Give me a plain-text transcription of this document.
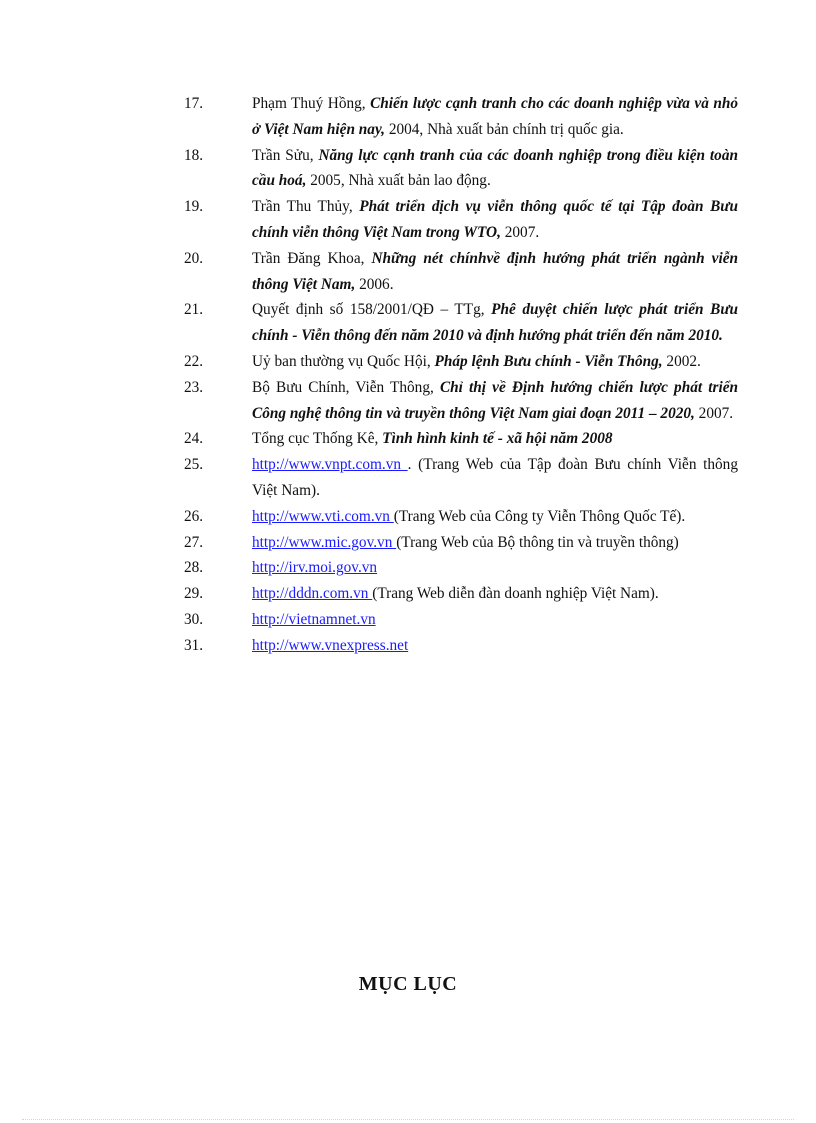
17.	Phạm Thuý Hồng, Chiến lược cạnh tranh cho các doanh nghiệp vừa và nhỏ ở Việt Nam hiện nay, 2004, Nhà xuất bản chính trị quốc gia.
18.	Trần Sửu, Năng lực cạnh tranh của các doanh nghiệp trong điều kiện toàn cầu hoá, 2005, Nhà xuất bản lao động.
19.	Trần Thu Thủy, Phát triển dịch vụ viễn thông quốc tế tại Tập đoàn Bưu chính viễn thông Việt Nam trong WTO, 2007.
20.	Trần Đăng Khoa, Những nét chínhvề định hướng phát triển ngành viễn thông Việt Nam, 2006.
21.	Quyết định số 158/2001/QĐ – TTg, Phê duyệt chiến lược phát triển Bưu chính - Viễn thông đến năm 2010 và định hướng phát triển đến năm 2010.
22.	Uỷ ban thường vụ Quốc Hội, Pháp lệnh Bưu chính - Viễn Thông, 2002.
23.	Bộ Bưu Chính, Viễn Thông, Chỉ thị về Định hướng chiến lược phát triển Công nghệ thông tin và truyền thông Việt Nam giai đoạn 2011 – 2020, 2007.
24.	Tổng cục Thống Kê, Tình hình kinh tế - xã hội năm 2008
25.	http://www.vnpt.com.vn . (Trang Web của Tập đoàn Bưu chính Viễn thông Việt Nam).
26.	http://www.vti.com.vn (Trang Web của Công ty Viễn Thông Quốc Tế).
27.	http://www.mic.gov.vn (Trang Web của Bộ thông tin và truyền thông)
28.	http://irv.moi.gov.vn
29.	http://dddn.com.vn (Trang Web diễn đàn doanh nghiệp Việt Nam).
30.	http://vietnamnet.vn
31.	http://www.vnexpress.net
MỤC LỤC
